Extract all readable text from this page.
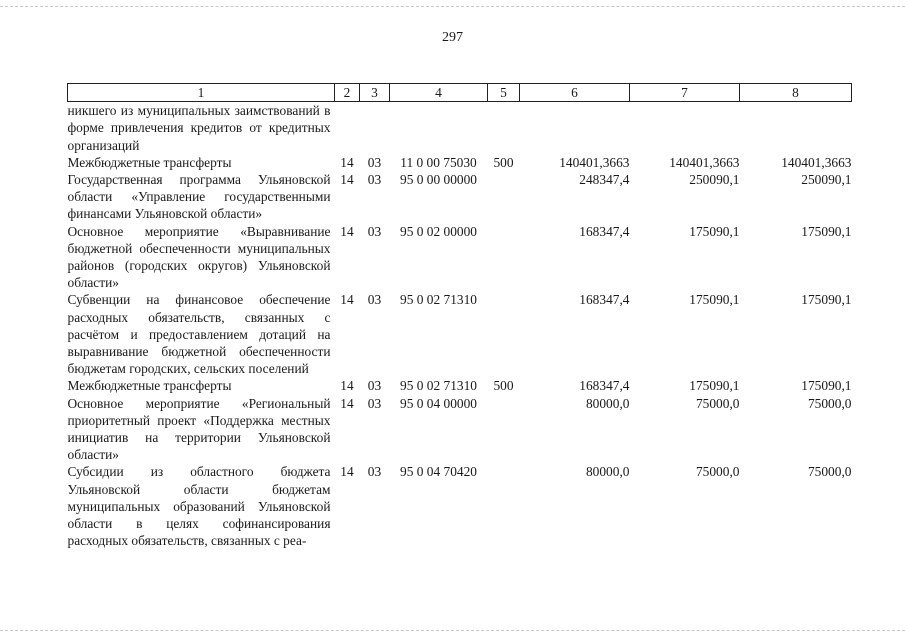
297
1	2	3	4	5	6	7	8
никшего из муниципальных заимствований в форме привлечения кредитов от кредитных организаций							
Межбюджетные трансферты	14	03	11 0 00 75030	500	140401,3663	140401,3663	140401,3663
Государственная программа Ульяновской области «Управление государственными финансами Ульяновской области»	14	03	95 0 00 00000		248347,4	250090,1	250090,1
Основное мероприятие «Выравнивание бюджетной обеспеченности муниципальных районов (городских округов) Ульяновской области»	14	03	95 0 02 00000		168347,4	175090,1	175090,1
Субвенции на финансовое обеспечение расходных обязательств, связанных с расчётом и предоставлением дотаций на выравнивание бюджетной обеспеченности бюджетам городских, сельских поселений	14	03	95 0 02 71310		168347,4	175090,1	175090,1
Межбюджетные трансферты	14	03	95 0 02 71310	500	168347,4	175090,1	175090,1
Основное мероприятие «Региональный приоритетный проект «Поддержка местных инициатив на территории Ульяновской области»	14	03	95 0 04 00000		80000,0	75000,0	75000,0
Субсидии из областного бюджета Ульяновской области бюджетам муниципальных образований Ульяновской области в целях софинансирования расходных обязательств, связанных с реа-	14	03	95 0 04 70420		80000,0	75000,0	75000,0
